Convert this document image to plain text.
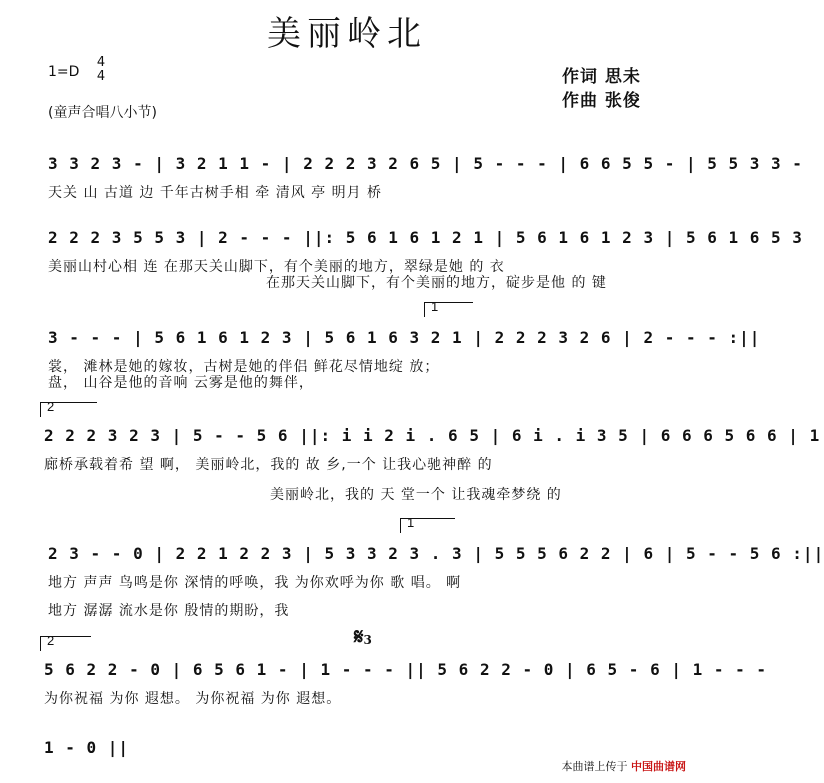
美丽岭北
1=D
4
4	作词 思未
作曲 张俊
(童声合唱八小节)
3 3 2 3 - | 3 2 1 1 - | 2 2 2 3 2 6 5 | 5 - - - | 6 6 5 5 - | 5 5 3 3 -
天关 山 古道 边 千年古树手相 牵 清风 亭 明月 桥
2 2 2 3 5 5 3 | 2 - - - ||: 5 6 1 6 1 2 1 | 5 6 1 6 1 2 3 | 5 6 1 6 5 3
美丽山村心相 连 在那天关山脚下，有个美丽的地方，翠绿是她 的 衣
在那天关山脚下，有个美丽的地方，碇步是他 的 键
1
3 - - - | 5 6 1 6 1 2 3 | 5 6 1 6 3 2 1 | 2 2 2 3 2 6 | 2 - - - :||
裳， 滩林是她的嫁妆，古树是她的伴侣 鲜花尽情地绽 放；
盘， 山谷是他的音响 云雾是他的舞伴，
2
2 2 2 3 2 3 | 5 - - 5 6 ||: i i 2 i . 6 5 | 6 i . i 3 5 | 6 6 6 5 6 6 | 1
廊桥承载着希 望 啊， 美丽岭北，我的 故 乡,一个 让我心驰神醉 的
美丽岭北，我的 天 堂一个 让我魂牵梦绕 的
1
2 3 - - 0 | 2 2 1 2 2 3 | 5 3 3 2 3 . 3 | 5 5 5 6 2 2 | 6 | 5 - - 5 6 :||
地方 声声 鸟鸣是你 深情的呼唤，我 为你欢呼为你 歌 唱。 啊
地方 潺潺 流水是你 殷情的期盼，我
2	𝄋3
5 6 2 2 - 0 | 6 5 6 1 - | 1 - - - || 5 6 2 2 - 0 | 6 5 - 6 | 1 - - -
为你祝福 为你 遐想。 为你祝福 为你 遐想。
1 - 0 ||
本曲谱上传于 中国曲谱网
